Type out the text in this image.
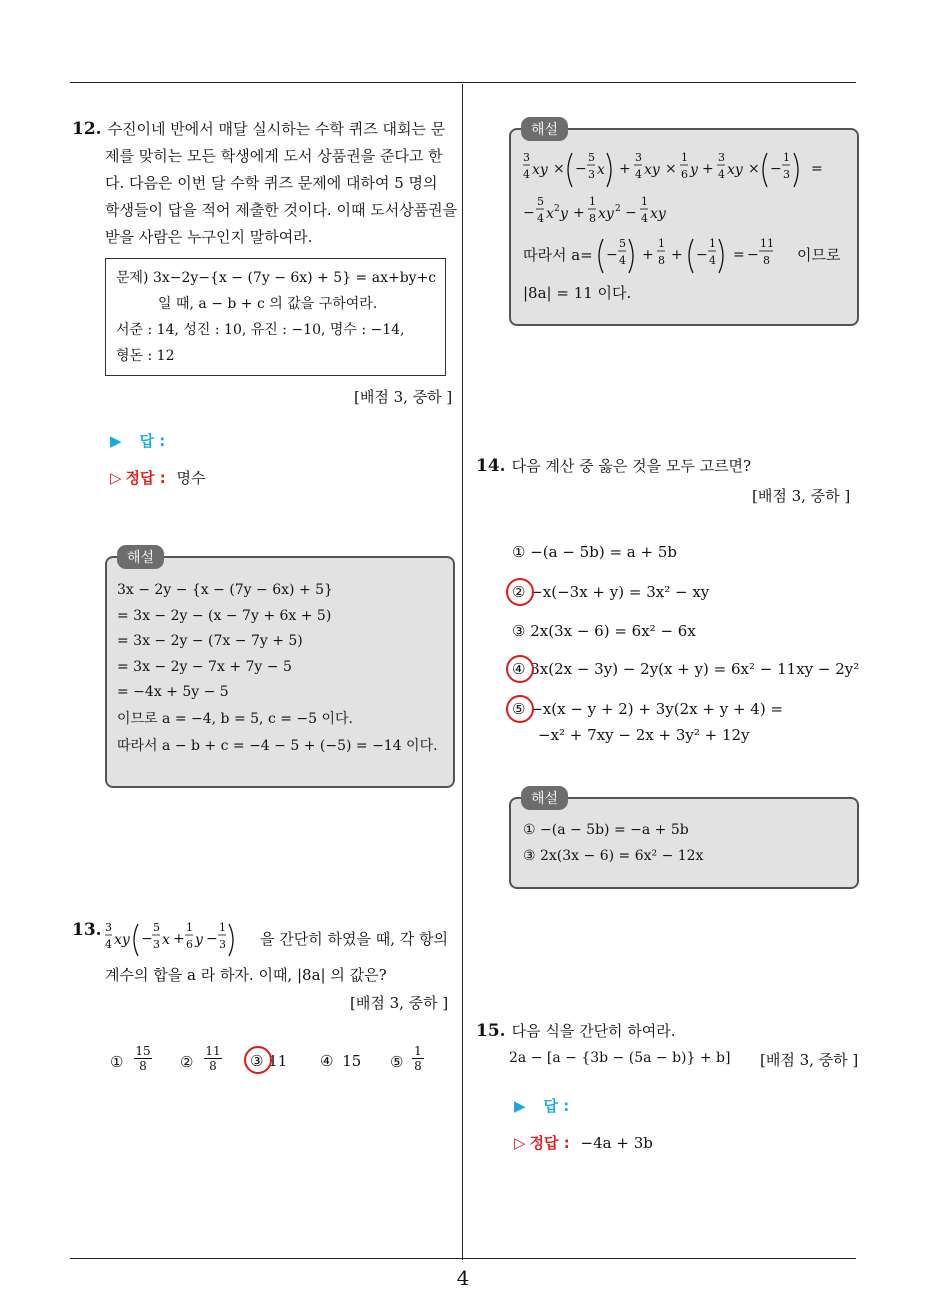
12. 수진이네 반에서 매달 실시하는 수학 퀴즈 대회는 문
제를 맞히는 모든 학생에게 도서 상품권을 준다고 한
다. 다음은 이번 달 수학 퀴즈 문제에 대하여 5 명의
학생들이 답을 적어 제출한 것이다. 이때 도서상품권을
받을 사람은 누구인지 말하여라.
문제) 3x−2y−{x − (7y − 6x) + 5} = ax+by+c
일 때, a − b + c 의 값을 구하여라.
서준 : 14, 성진 : 10, 유진 : −10, 명수 : −14,
형돈 : 12
[배점 3, 중하 ]
▶ 답 :
▷ 정답 : 명수
3x − 2y − {x − (7y − 6x) + 5}
= 3x − 2y − (x − 7y + 6x + 5)
= 3x − 2y − (7x − 7y + 5)
= 3x − 2y − 7x + 7y − 5
= −4x + 5y − 5
이므로 a = −4, b = 5, c = −5 이다.
따라서 a − b + c = −4 − 5 + (−5) = −14 이다.
해설
13. 3
4 xy −
5
3 x +
1
6 y −
1
3 을 간단히 하였을 때, 각 항의
계수의 합을 a 라 하자. 이때, |8a| 의 값은?
[배점 3, 중하 ]
①
15
8	②
11
8	③ 11 ④ 15 ⑤
1
8
3
4 xy × −
5
3 x +
3
4 xy ×
1
6 y +
3
4 xy × −
1
3 =
−
5
4 x 2 y +
1
8 xy 2 −
1
4 xy
따라서 a= −
5
4 +
1
8 + −
1
4 = −
11
8 이므로
|8a| = 11 이다.
해설
14. 다음 계산 중 옳은 것을 모두 고르면?
[배점 3, 중하 ]
① −(a − 5b) = a + 5b
② −x(−3x + y) = 3x² − xy
③ 2x(3x − 6) = 6x² − 6x
④ 3x(2x − 3y) − 2y(x + y) = 6x² − 11xy − 2y²
⑤ −x(x − y + 2) + 3y(2x + y + 4) =
−x² + 7xy − 2x + 3y² + 12y
① −(a − 5b) = −a + 5b
③ 2x(3x − 6) = 6x² − 12x
해설
15. 다음 식을 간단히 하여라.
2a − [a − {3b − (5a − b)} + b] [배점 3, 중하 ]
▶ 답 :
▷ 정답 : −4a + 3b
4
